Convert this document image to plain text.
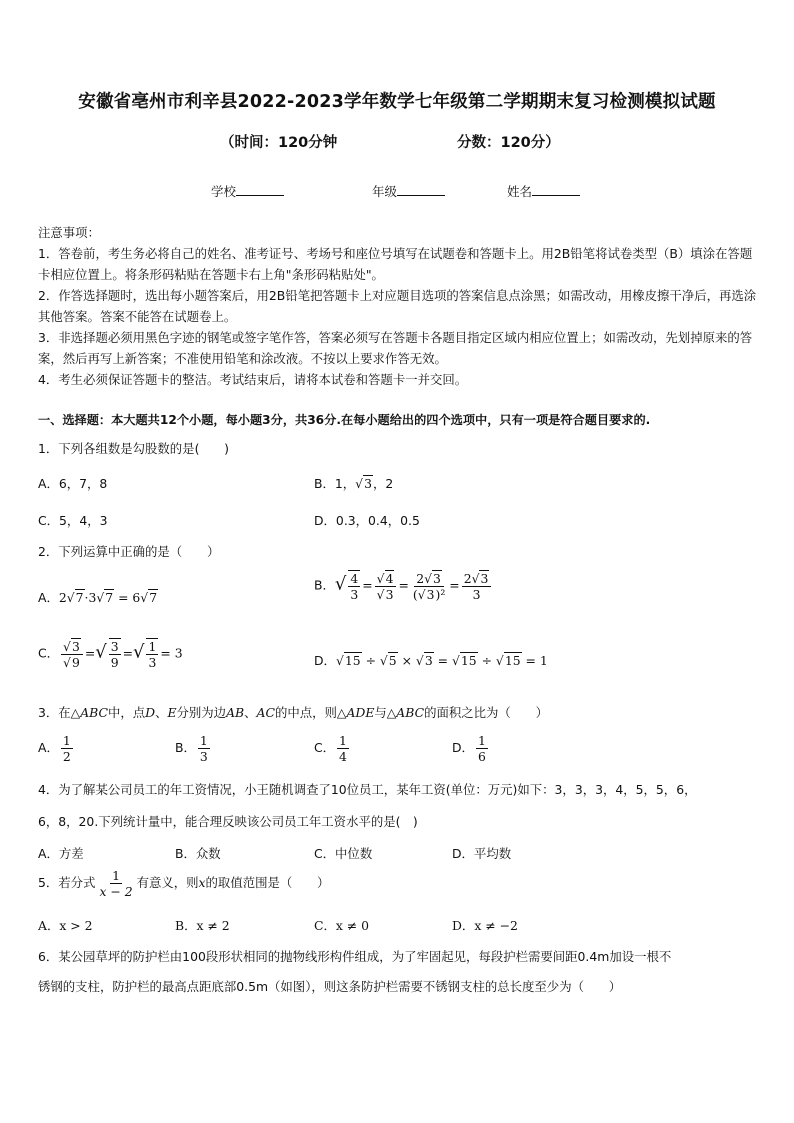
安徽省亳州市利辛县2022-2023学年数学七年级第二学期期末复习检测模拟试题
（时间：120分钟	分数：120分）
学校	年级	姓名
注意事项：
1．答卷前，考生务必将自己的姓名、准考证号、考场号和座位号填写在试题卷和答题卡上。用2B铅笔将试卷类型（B）填涂在答题卡相应位置上。将条形码粘贴在答题卡右上角"条形码粘贴处"。
2．作答选择题时，选出每小题答案后，用2B铅笔把答题卡上对应题目选项的答案信息点涂黑；如需改动，用橡皮擦干净后，再选涂其他答案。答案不能答在试题卷上。
3．非选择题必须用黑色字迹的钢笔或签字笔作答，答案必须写在答题卡各题目指定区域内相应位置上；如需改动，先划掉原来的答案，然后再写上新答案；不准使用铅笔和涂改液。不按以上要求作答无效。
4．考生必须保证答题卡的整洁。考试结束后，请将本试卷和答题卡一并交回。
一、选择题：本大题共12个小题，每小题3分，共36分.在每小题给出的四个选项中，只有一项是符合题目要求的.
1．下列各组数是勾股数的是(　　)
A．6，7，8	B．1，√3，2
C．5，4，3	D．0.3，0.4，0.5
2．下列运算中正确的是（　　）
A．2√7·3√7 = 6√7
B．√ $\frac{4}{3} = \frac{√4}{√3} = \frac{2√3}{\text{(√3)²}} = \frac{2√3}{3}$
C． $\frac{√3}{√9}$ =√ $\frac{3}{9}$ =√ $\frac{1}{3} = 3$	D．√15 ÷ √5 × √3 = √15 ÷ √15 = 1
3．在△ABC中，点D、E分别为边AB、AC的中点，则△ADE与△ABC的面积之比为（　　）
A． $\frac{1}{2}$	B． $\frac{1}{3}$	C． $\frac{1}{4}$	D． $\frac{1}{6}$
4．为了解某公司员工的年工资情况，小王随机调查了10位员工，某年工资(单位：万元)如下：3，3，3，4，5，5，6，
6，8，20.下列统计量中，能合理反映该公司员工年工资水平的是(　)
A．方差	B．众数	C．中位数	D．平均数
5．若分式 $\frac{1}{x - 2}$ 有意义，则x的取值范围是（　　）
A．x > 2	B．x ≠ 2	C．x ≠ 0	D．x ≠ −2
6．某公园草坪的防护栏由100段形状相同的抛物线形构件组成，为了牢固起见，每段护栏需要间距0.4m加设一根不
锈钢的支柱，防护栏的最高点距底部0.5m（如图），则这条防护栏需要不锈钢支柱的总长度至少为（　　）
